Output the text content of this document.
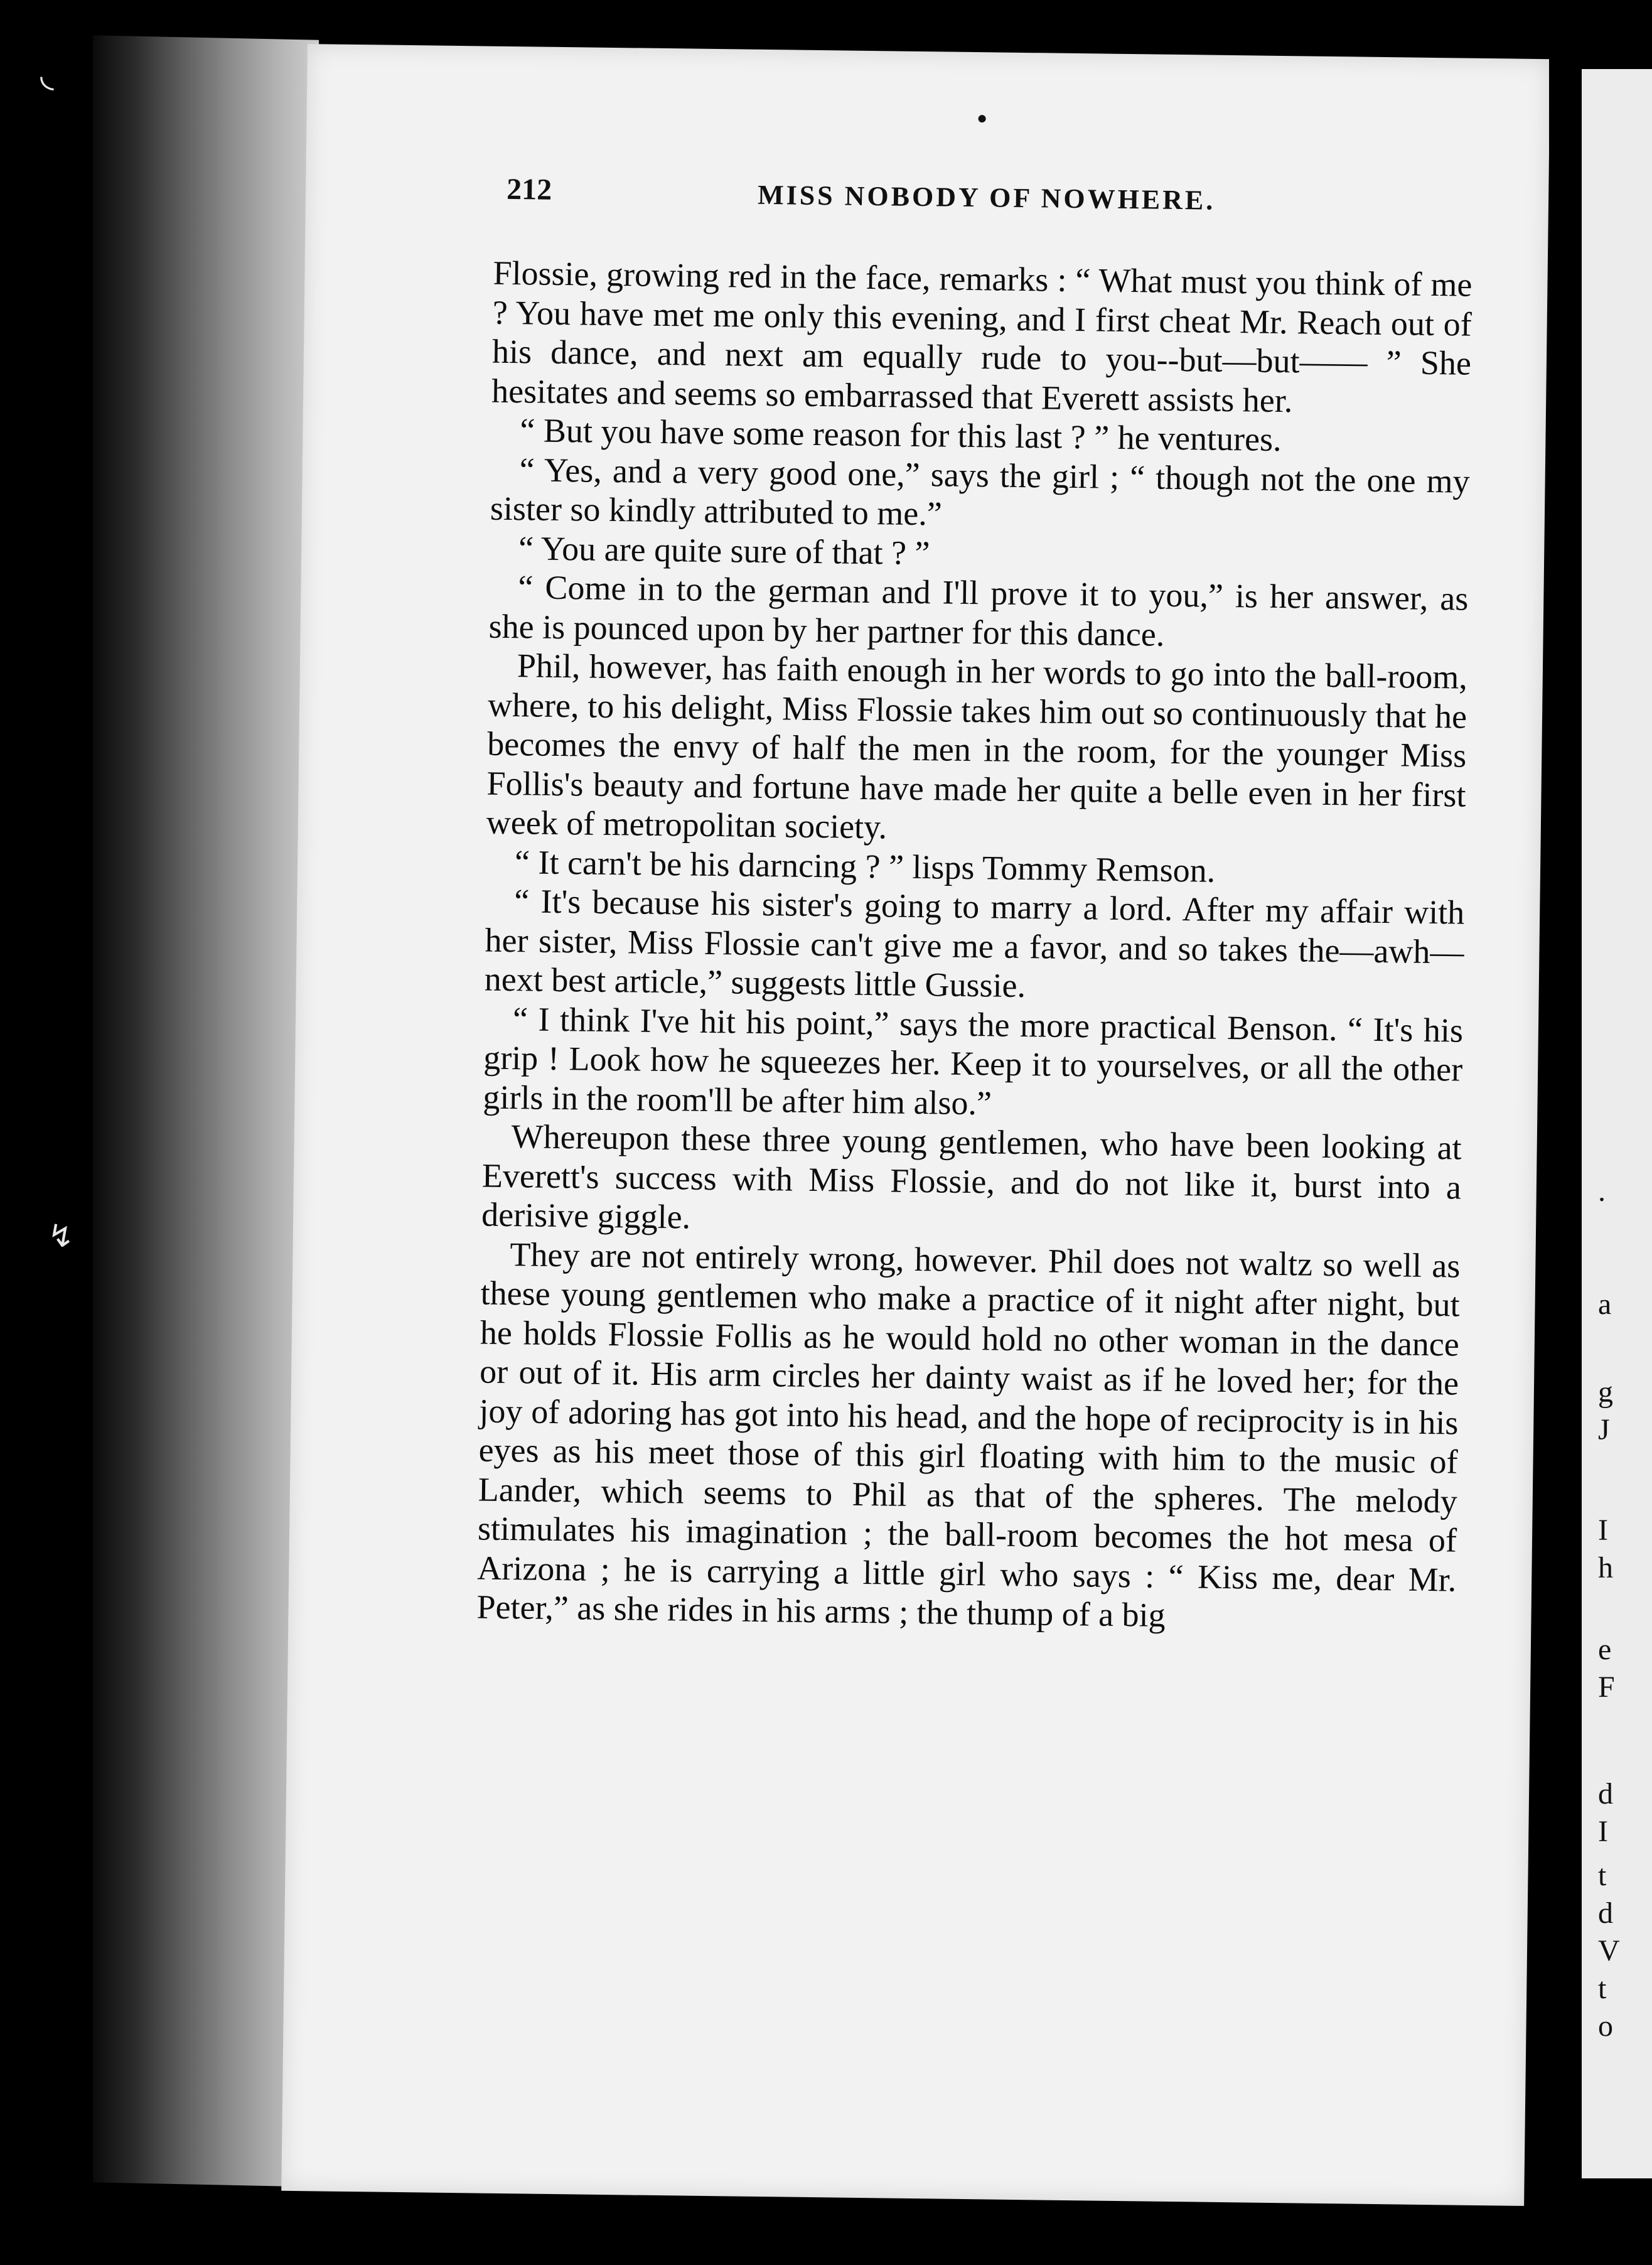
212	MISS NOBODY OF NOWHERE.

Flossie, growing red in the face, remarks : “ What must you think of me ? You have met me only this evening, and I first cheat Mr. Reach out of his dance, and next am equally rude to you--but—but—— ” She hesitates and seems so embarrassed that Everett assists her.

“ But you have some reason for this last ? ” he ventures.

“ Yes, and a very good one,” says the girl ; “ though not the one my sister so kindly attributed to me.”

“ You are quite sure of that ? ”

“ Come in to the german and I'll prove it to you,” is her answer, as she is pounced upon by her partner for this dance.

Phil, however, has faith enough in her words to go into the ball-room, where, to his delight, Miss Flossie takes him out so continuously that he becomes the envy of half the men in the room, for the younger Miss Follis's beauty and fortune have made her quite a belle even in her first week of metropolitan society.

“ It carn't be his darncing ? ” lisps Tommy Remson.

“ It's because his sister's going to marry a lord. After my affair with her sister, Miss Flossie can't give me a favor, and so takes the—awh—next best article,” suggests little Gussie.

“ I think I've hit his point,” says the more practical Benson. “ It's his grip ! Look how he squeezes her. Keep it to yourselves, or all the other girls in the room'll be after him also.”

Whereupon these three young gentlemen, who have been looking at Everett's success with Miss Flossie, and do not like it, burst into a derisive giggle.

They are not entirely wrong, however. Phil does not waltz so well as these young gentlemen who make a practice of it night after night, but he holds Flossie Follis as he would hold no other woman in the dance or out of it. His arm circles her dainty waist as if he loved her; for the joy of adoring has got into his head, and the hope of reciprocity is in his eyes as his meet those of this girl floating with him to the music of Lander, which seems to Phil as that of the spheres. The melody stimulates his imagination ; the ball-room becomes the hot mesa of Arizona ; he is carrying a little girl who says : “ Kiss me, dear Mr. Peter,” as she rides in his arms ; the thump of a big

.
a
g
J
I
h
e
F
d
I
t
d
V
t
o
◟
↯
